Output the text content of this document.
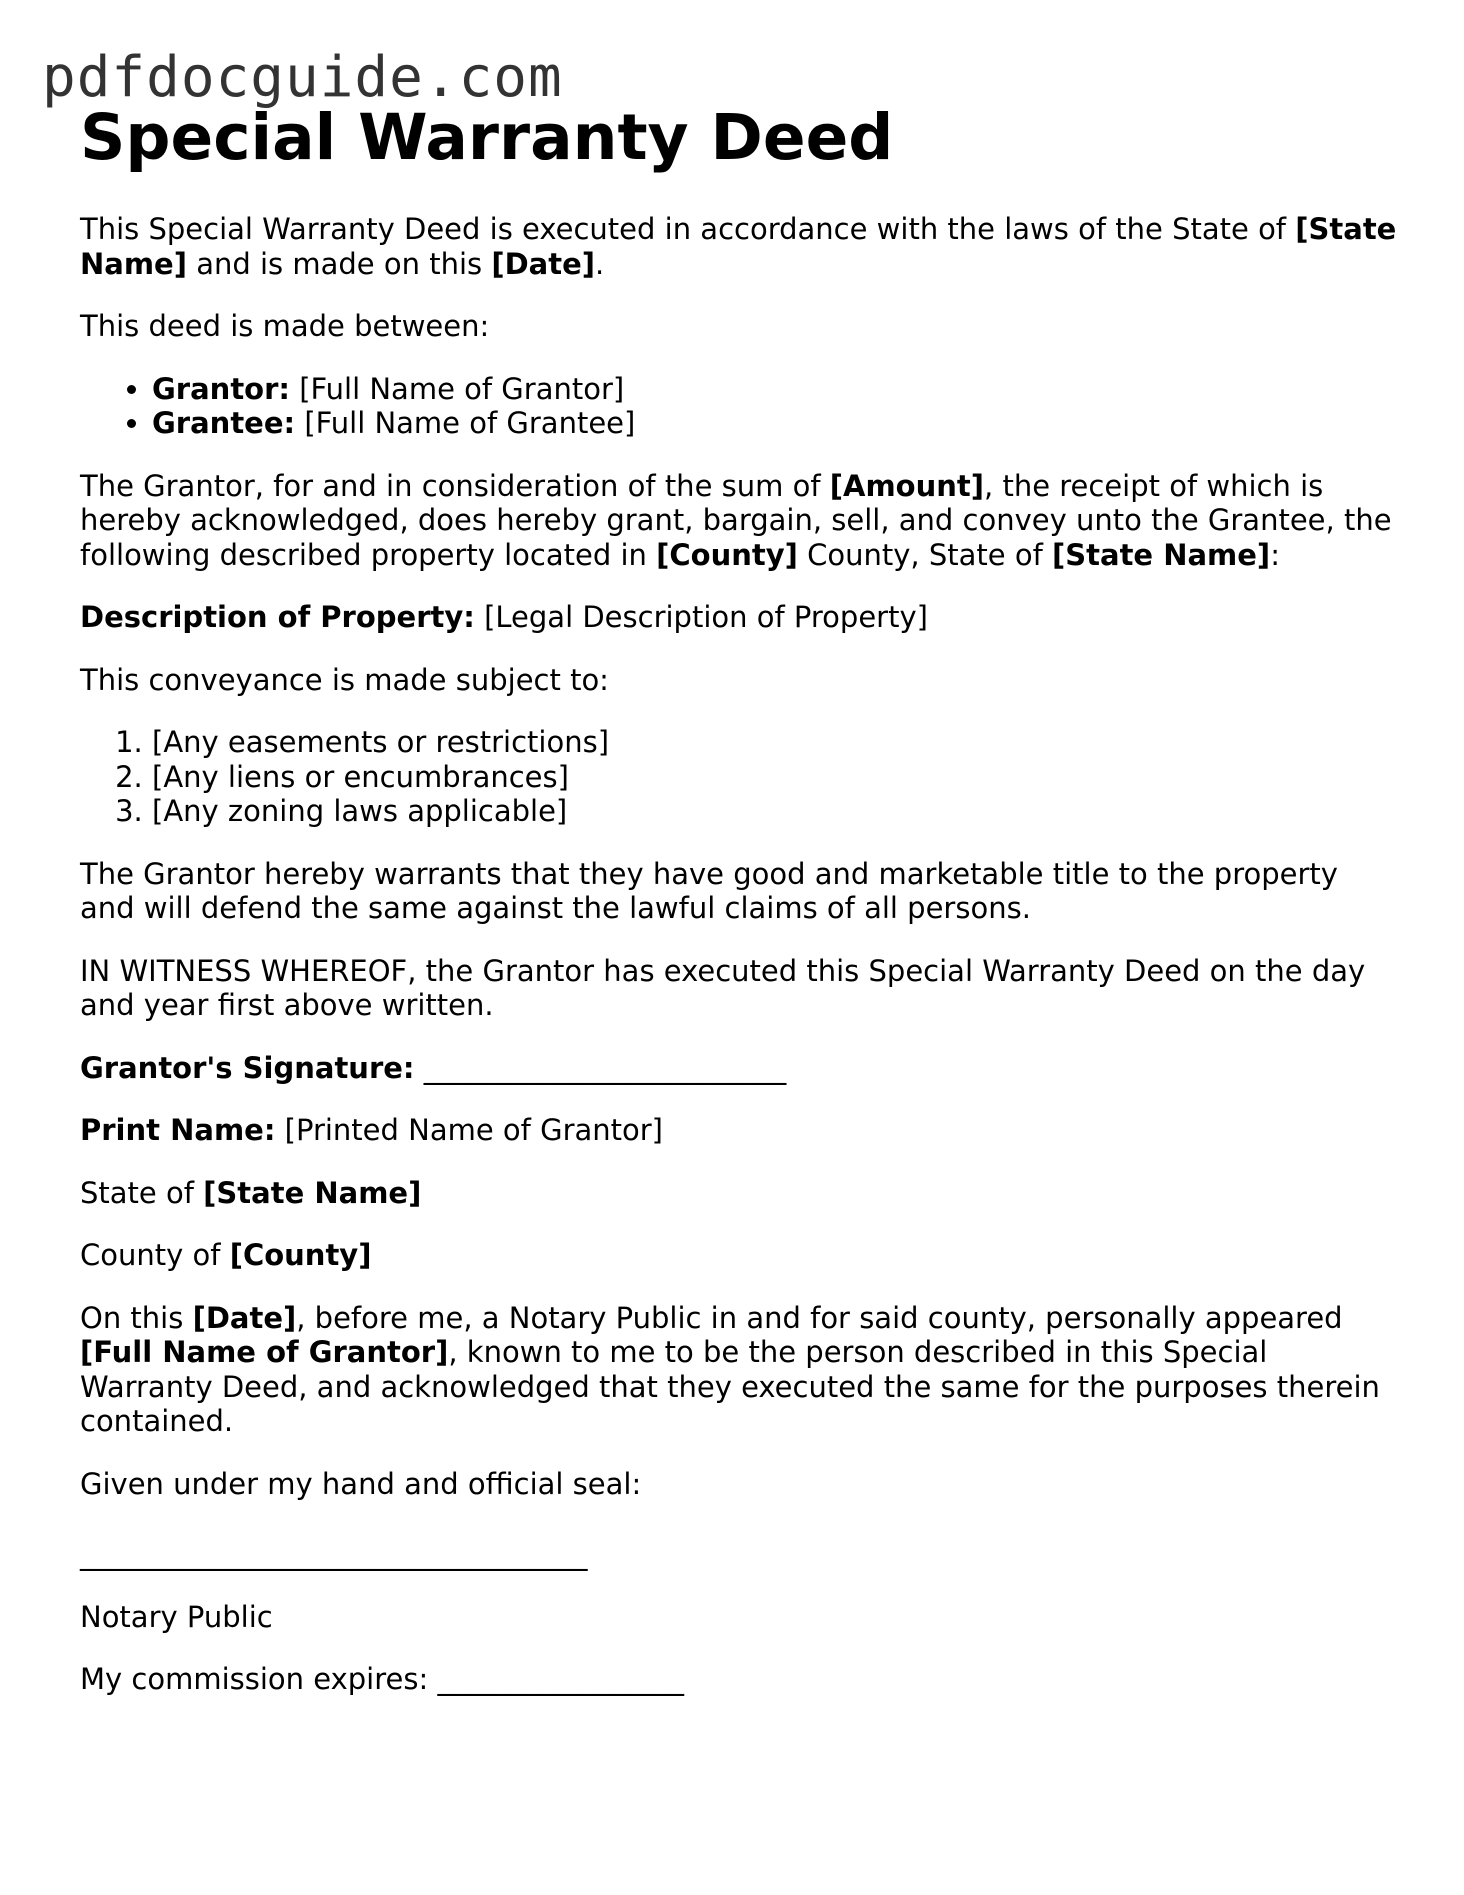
pdfdocguide.com
Special Warranty Deed

This Special Warranty Deed is executed in accordance with the laws of the State of [State Name] and is made on this [Date].

This deed is made between:

• Grantor: [Full Name of Grantor]
• Grantee: [Full Name of Grantee]

The Grantor, for and in consideration of the sum of [Amount], the receipt of which is hereby acknowledged, does hereby grant, bargain, sell, and convey unto the Grantee, the following described property located in [County] County, State of [State Name]:

Description of Property: [Legal Description of Property]

This conveyance is made subject to:

1. [Any easements or restrictions]
2. [Any liens or encumbrances]
3. [Any zoning laws applicable]

The Grantor hereby warrants that they have good and marketable title to the property and will defend the same against the lawful claims of all persons.

IN WITNESS WHEREOF, the Grantor has executed this Special Warranty Deed on the day and year first above written.

Grantor's Signature: _________________________

Print Name: [Printed Name of Grantor]

State of [State Name]

County of [County]

On this [Date], before me, a Notary Public in and for said county, personally appeared [Full Name of Grantor], known to me to be the person described in this Special Warranty Deed, and acknowledged that they executed the same for the purposes therein contained.

Given under my hand and official seal:

___________________________________

Notary Public

My commission expires: _________________
